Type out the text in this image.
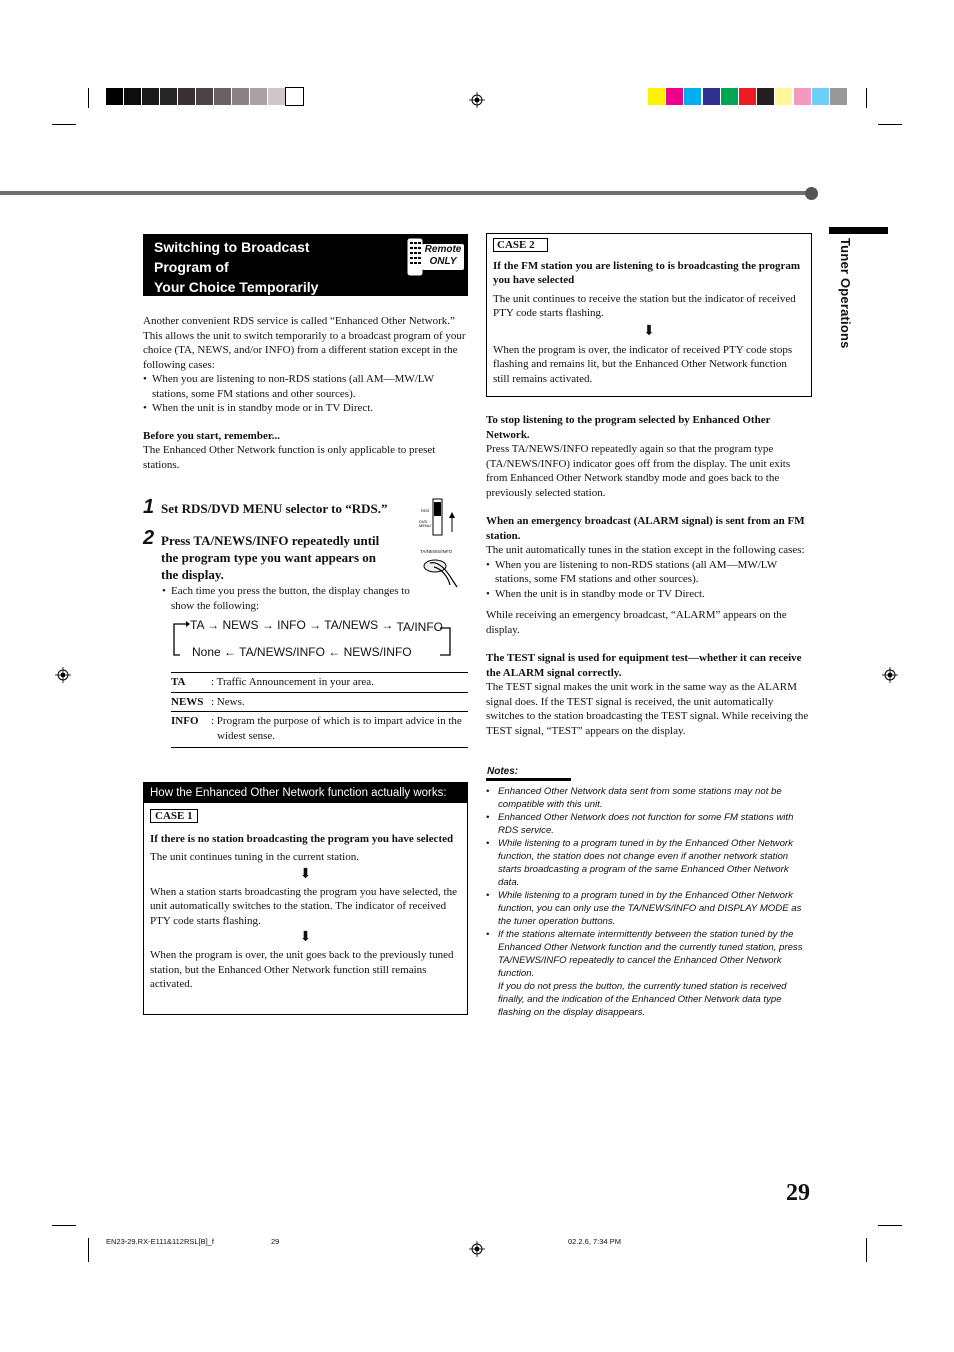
Tuner Operations
Switching to Broadcast
Program of
Your Choice Temporarily
Remote
ONLY

Another convenient RDS service is called “Enhanced Other Network.”

This allows the unit to switch temporarily to a broadcast program of your choice (TA, NEWS, and/or INFO) from a different station except in the following cases:

• When you are listening to non-RDS stations (all AM—MW/LW stations, some FM stations and other sources).
• When the unit is in standby mode or in TV Direct.

Before you start, remember...

The Enhanced Other Network function is only applicable to preset stations.

1 Set RDS/DVD MENU selector to “RDS.”	RDS
DVD
MENU
2 Press TA/NEWS/INFO repeatedly until the program type you want appears on the display.
TA/NEWS/INFO
• Each time you press the button, the display changes to show the following:
TA → NEWS → INFO → TA/NEWS → TA/INFO
None ← TA/NEWS/INFO ← NEWS/INFO
TA	: Traffic Announcement in your area.
NEWS : News.
INFO	: Program the purpose of which is to impart advice in the widest sense.
How the Enhanced Other Network function actually works:
CASE 1

If there is no station broadcasting the program you have selected

The unit continues tuning in the current station.

⬇

When a station starts broadcasting the program you have selected, the unit automatically switches to the station. The indicator of received PTY code starts flashing.

⬇

When the program is over, the unit goes back to the previously tuned station, but the Enhanced Other Network function still remains activated.

CASE 2

If the FM station you are listening to is broadcasting the program you have selected

The unit continues to receive the station but the indicator of received PTY code starts flashing.

⬇

When the program is over, the indicator of received PTY code stops flashing and remains lit, but the Enhanced Other Network function still remains activated.

To stop listening to the program selected by Enhanced Other Network.

Press TA/NEWS/INFO repeatedly again so that the program type (TA/NEWS/INFO) indicator goes off from the display. The unit exits from Enhanced Other Network standby mode and goes back to the previously selected station.

When an emergency broadcast (ALARM signal) is sent from an FM station.

The unit automatically tunes in the station except in the following cases:

• When you are listening to non-RDS stations (all AM—MW/LW stations, some FM stations and other sources).
• When the unit is in standby mode or TV Direct.

While receiving an emergency broadcast, “ALARM” appears on the display.

The TEST signal is used for equipment test—whether it can receive the ALARM signal correctly.

The TEST signal makes the unit work in the same way as the ALARM signal does. If the TEST signal is received, the unit automatically switches to the station broadcasting the TEST signal. While receiving the TEST signal, “TEST” appears on the display.

Notes:
• Enhanced Other Network data sent from some stations may not be compatible with this unit.
• Enhanced Other Network does not function for some FM stations with RDS service.
• While listening to a program tuned in by the Enhanced Other Network function, the station does not change even if another network station starts broadcasting a program of the same Enhanced Other Network data.
• While listening to a program tuned in by the Enhanced Other Network function, you can only use the TA/NEWS/INFO and DISPLAY MODE as the tuner operation buttons.
• If the stations alternate intermittently between the station tuned by the Enhanced Other Network function and the currently tuned station, press TA/NEWS/INFO repeatedly to cancel the Enhanced Other Network function.

If you do not press the button, the currently tuned station is received finally, and the indication of the Enhanced Other Network data type flashing on the display disappears.

29
EN23-29.RX-E111&112RSL[B]_f	29	02.2.6, 7:34 PM
